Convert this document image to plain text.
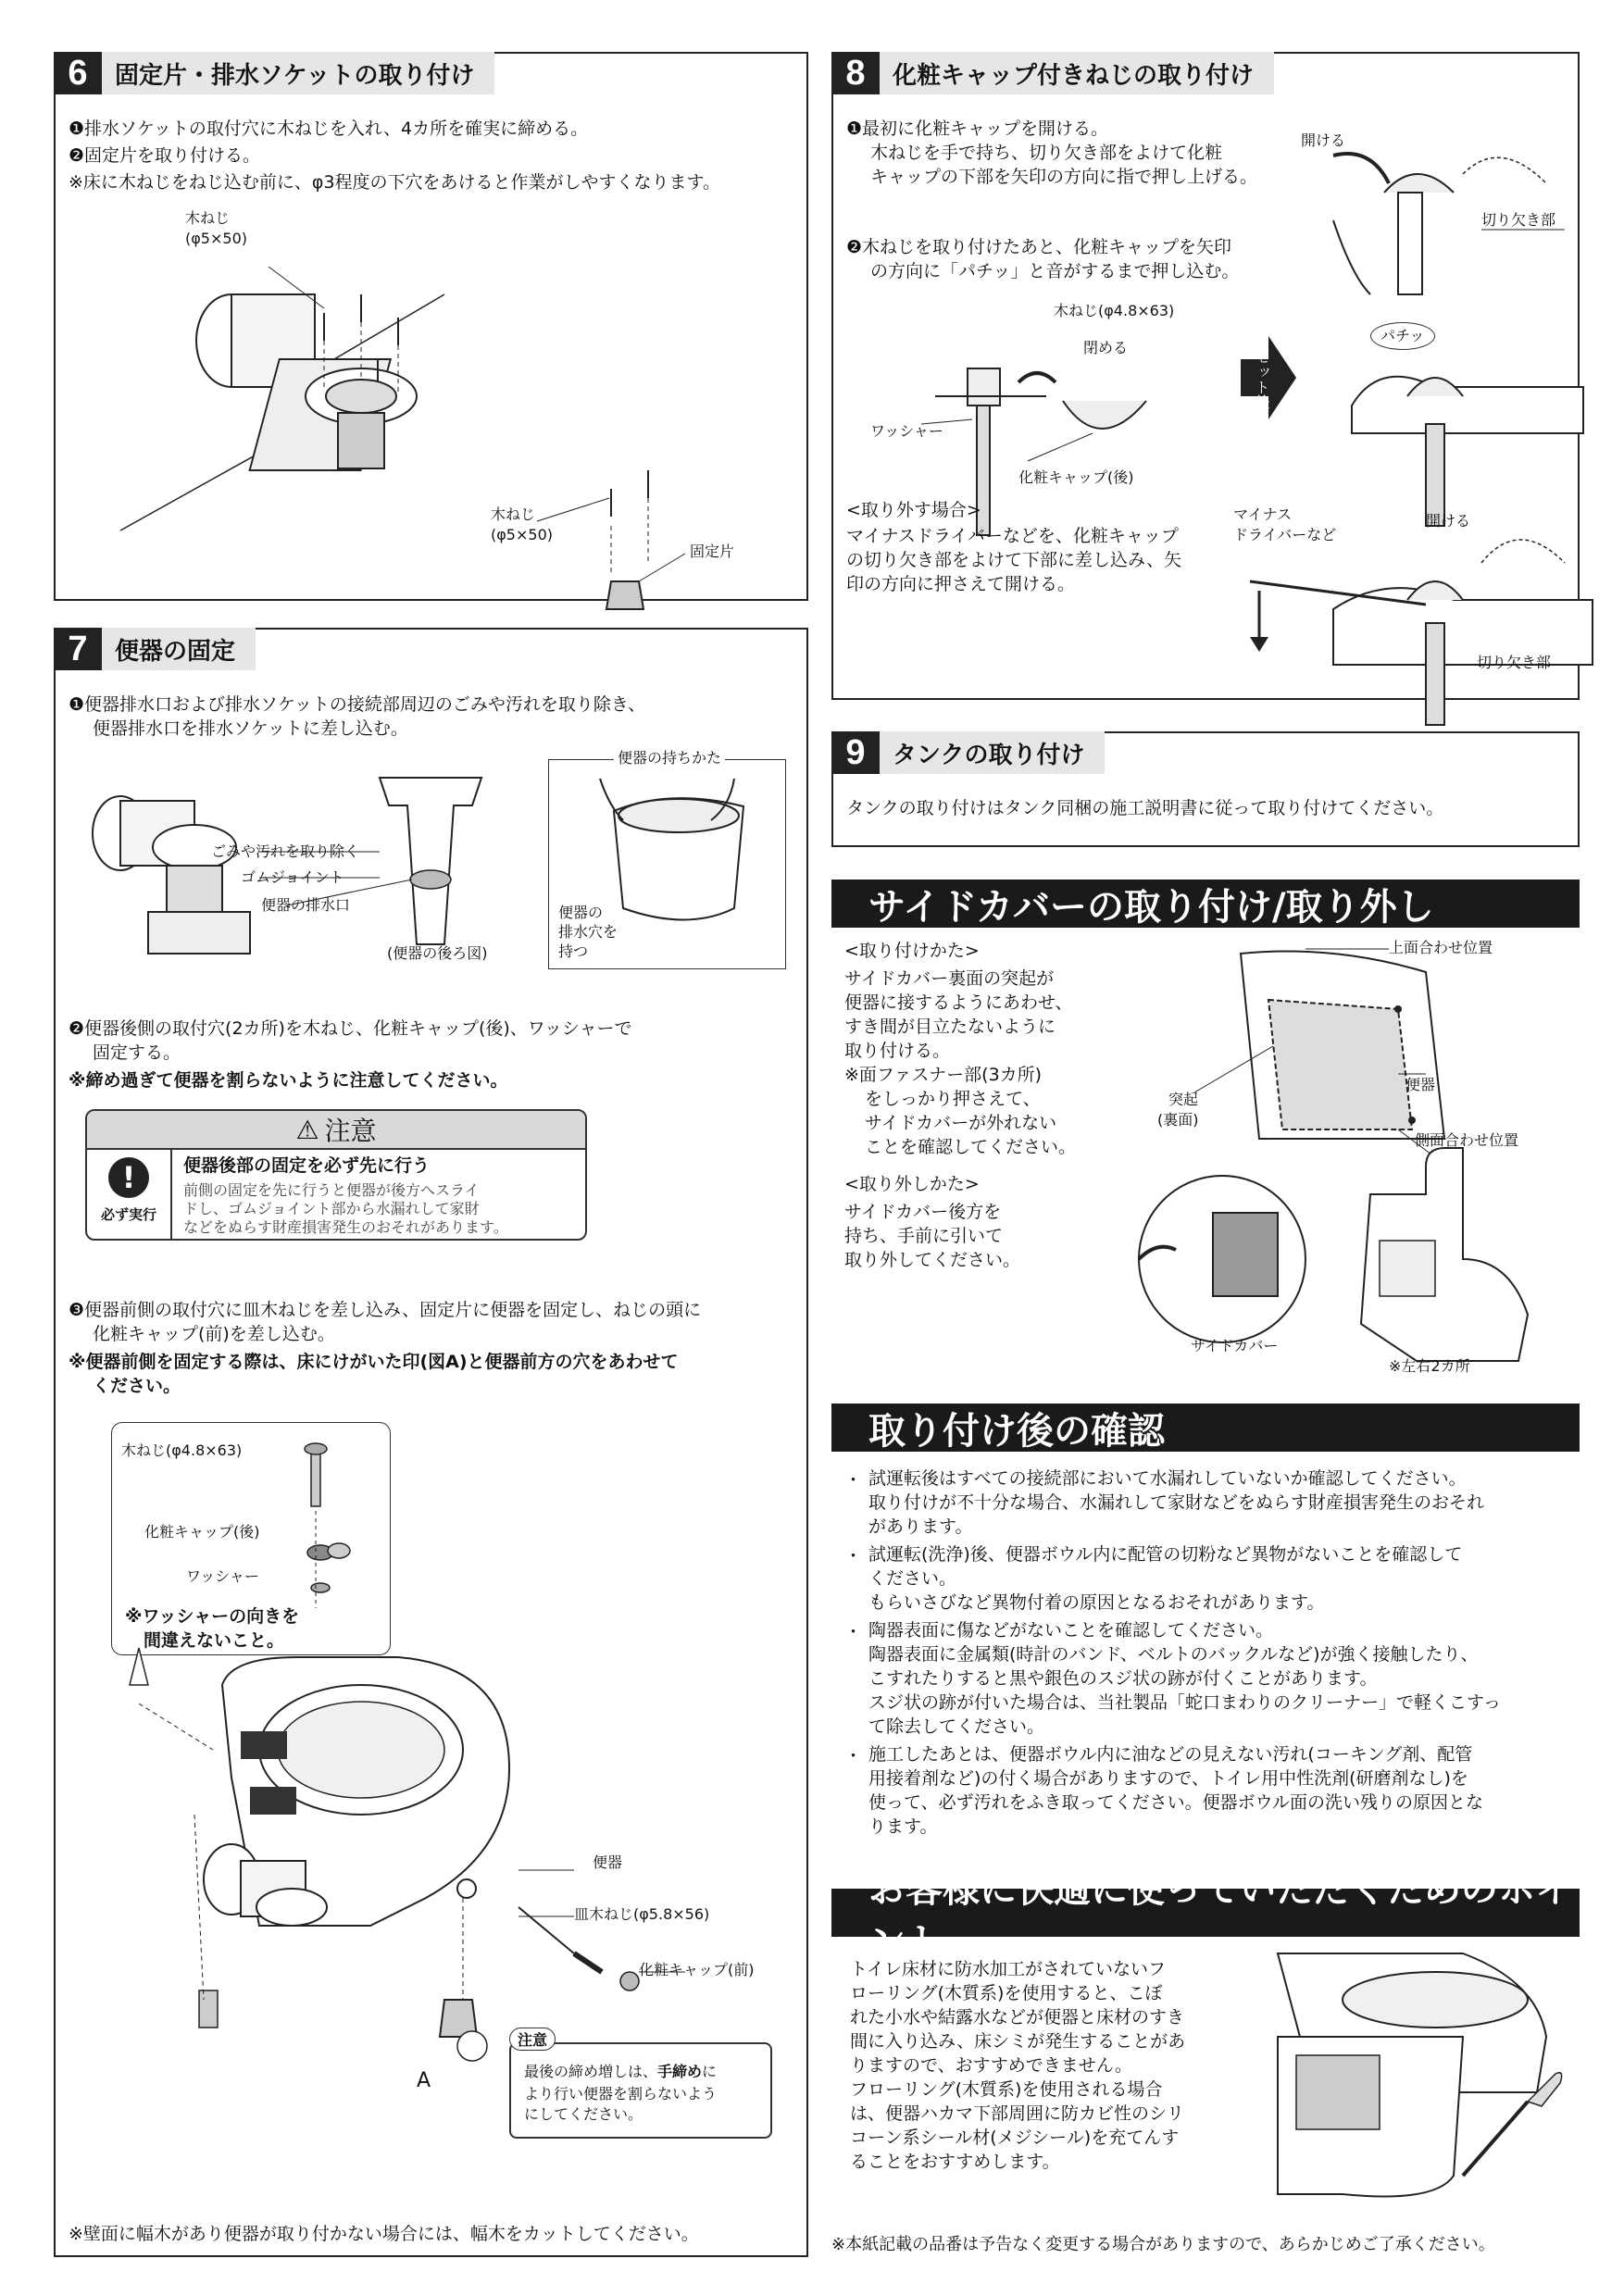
6	固定片・排水ソケットの取り付け
❶排水ソケットの取付穴に木ねじを入れ、4カ所を確実に締める。
❷固定片を取り付ける。
※床に木ねじをねじ込む前に、φ3程度の下穴をあけると作業がしやすくなります。
木ねじ
(φ5×50)
木ねじ
(φ5×50)
固定片
7	便器の固定
❶便器排水口および排水ソケットの接続部周辺のごみや汚れを取り除き、
便器排水口を排水ソケットに差し込む。
ごみや汚れを取り除く
ゴムジョイント
便器の排水口
(便器の後ろ図)
便器の持ちかた
便器の
排水穴を
持つ
❷便器後側の取付穴(2カ所)を木ねじ、化粧キャップ(後)、ワッシャーで
固定する。
※締め過ぎて便器を割らないように注意してください。
⚠ 注意
!
必ず実行
便器後部の固定を必ず先に行う
前側の固定を先に行うと便器が後方へスライ
ドし、ゴムジョイント部から水漏れして家財
などをぬらす財産損害発生のおそれがあります。
❸便器前側の取付穴に皿木ねじを差し込み、固定片に便器を固定し、ねじの頭に
化粧キャップ(前)を差し込む。
※便器前側を固定する際は、床にけがいた印(図A)と便器前方の穴をあわせて
ください。
木ねじ(φ4.8×63)
化粧キャップ(後)
ワッシャー
※ワッシャーの向きを
間違えないこと。
便器
皿木ねじ(φ5.8×56)
化粧キャップ(前)
A
注意
最後の締め増しは、手締めに
より行い便器を割らないよう
にしてください。
※壁面に幅木があり便器が取り付かない場合には、幅木をカットしてください。
8	化粧キャップ付きねじの取り付け
❶最初に化粧キャップを開ける。
木ねじを手で持ち、切り欠き部をよけて化粧
キャップの下部を矢印の方向に指で押し上げる。
❷木ねじを取り付けたあと、化粧キャップを矢印
の方向に「パチッ」と音がするまで押し込む。
開ける
切り欠き部
木ねじ(φ4.8×63)
閉める
ワッシャー
化粧キャップ(後)
セット後
パチッ
<取り外す場合>
マイナスドライバーなどを、化粧キャップ
の切り欠き部をよけて下部に差し込み、矢
印の方向に押さえて開ける。
マイナス
ドライバーなど
開ける
切り欠き部
9	タンクの取り付け
タンクの取り付けはタンク同梱の施工説明書に従って取り付けてください。
サイドカバーの取り付け/取り外し
<取り付けかた>
サイドカバー裏面の突起が
便器に接するようにあわせ、
すき間が目立たないように
取り付ける。
※面ファスナー部(3カ所)
をしっかり押さえて、
サイドカバーが外れない
ことを確認してください。
<取り外しかた>
サイドカバー後方を
持ち、手前に引いて
取り外してください。
上面合わせ位置
便器
突起
(裏面)
側面合わせ位置
サイドカバー
※左右2カ所
取り付け後の確認
・ 試運転後はすべての接続部において水漏れしていないか確認してください。
取り付けが不十分な場合、水漏れして家財などをぬらす財産損害発生のおそれ
があります。
・ 試運転(洗浄)後、便器ボウル内に配管の切粉など異物がないことを確認して
ください。
もらいさびなど異物付着の原因となるおそれがあります。
・ 陶器表面に傷などがないことを確認してください。
陶器表面に金属類(時計のバンド、ベルトのバックルなど)が強く接触したり、
こすれたりすると黒や銀色のスジ状の跡が付くことがあります。
スジ状の跡が付いた場合は、当社製品「蛇口まわりのクリーナー」で軽くこすっ
て除去してください。
・ 施工したあとは、便器ボウル内に油などの見えない汚れ(コーキング剤、配管
用接着剤など)の付く場合がありますので、トイレ用中性洗剤(研磨剤なし)を
使って、必ず汚れをふき取ってください。便器ボウル面の洗い残りの原因とな
ります。
お客様に快適に使っていただくためのポイント
トイレ床材に防水加工がされていないフ
ローリング(木質系)を使用すると、こぼ
れた小水や結露水などが便器と床材のすき
間に入り込み、床シミが発生することがあ
りますので、おすすめできません。
フローリング(木質系)を使用される場合
は、便器ハカマ下部周囲に防カビ性のシリ
コーン系シール材(メジシール)を充てんす
ることをおすすめします。
※本紙記載の品番は予告なく変更する場合がありますので、あらかじめご了承ください。
